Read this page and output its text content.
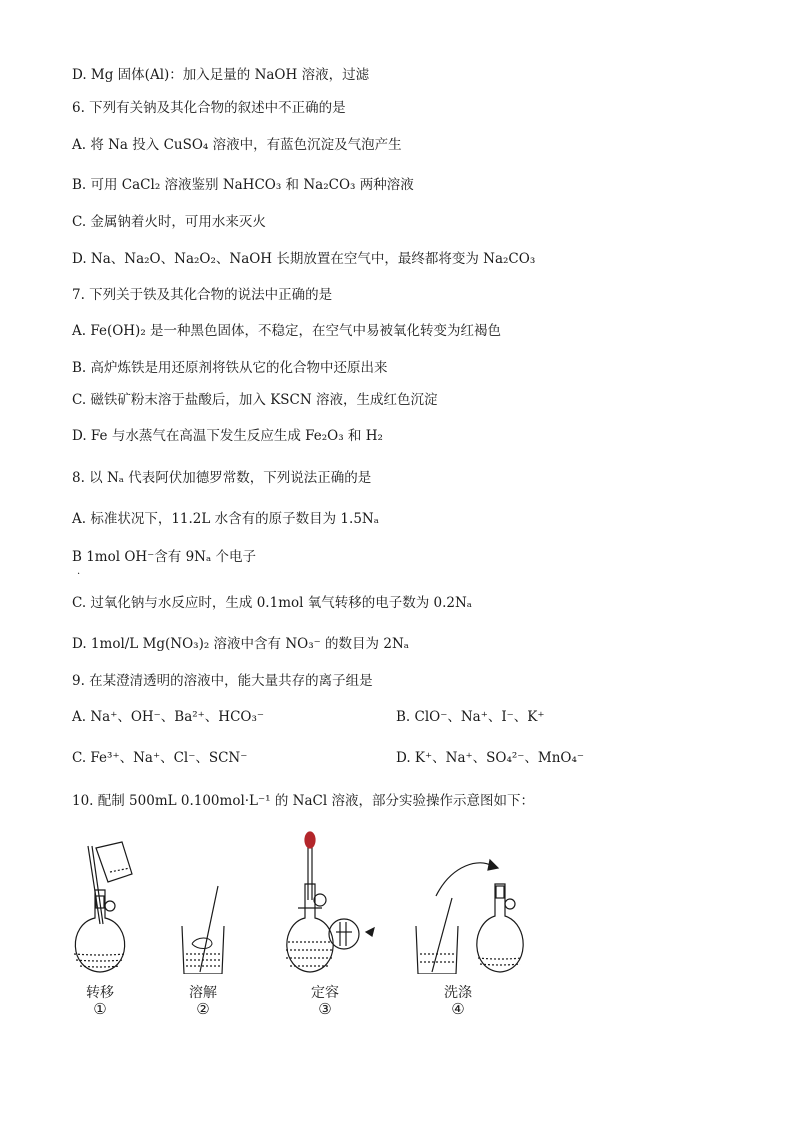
D. Mg 固体(Al)：加入足量的 NaOH 溶液，过滤
6. 下列有关钠及其化合物的叙述中不正确的是
A. 将 Na 投入 CuSO₄ 溶液中，有蓝色沉淀及气泡产生
B. 可用 CaCl₂ 溶液鉴别 NaHCO₃ 和 Na₂CO₃ 两种溶液
C. 金属钠着火时，可用水来灭火
D. Na、Na₂O、Na₂O₂、NaOH 长期放置在空气中，最终都将变为 Na₂CO₃
7. 下列关于铁及其化合物的说法中正确的是
A. Fe(OH)₂ 是一种黑色固体，不稳定，在空气中易被氧化转变为红褐色
B. 高炉炼铁是用还原剂将铁从它的化合物中还原出来
C. 磁铁矿粉末溶于盐酸后，加入 KSCN 溶液，生成红色沉淀
D. Fe 与水蒸气在高温下发生反应生成 Fe₂O₃ 和 H₂
8. 以 Nₐ 代表阿伏加德罗常数，下列说法正确的是
A. 标准状况下，11.2L 水含有的原子数目为 1.5Nₐ
B 1mol OH⁻含有 9Nₐ 个电子
.
C. 过氧化钠与水反应时，生成 0.1mol 氧气转移的电子数为 0.2Nₐ
D. 1mol/L Mg(NO₃)₂ 溶液中含有 NO₃⁻ 的数目为 2Nₐ
9. 在某澄清透明的溶液中，能大量共存的离子组是
A. Na⁺、OH⁻、Ba²⁺、HCO₃⁻	B. ClO⁻、Na⁺、I⁻、K⁺
C. Fe³⁺、Na⁺、Cl⁻、SCN⁻	D. K⁺、Na⁺、SO₄²⁻、MnO₄⁻
10. 配制 500mL 0.100mol·L⁻¹ 的 NaCl 溶液，部分实验操作示意图如下：
转移	溶解	定容	洗涤
①	②	③	④
